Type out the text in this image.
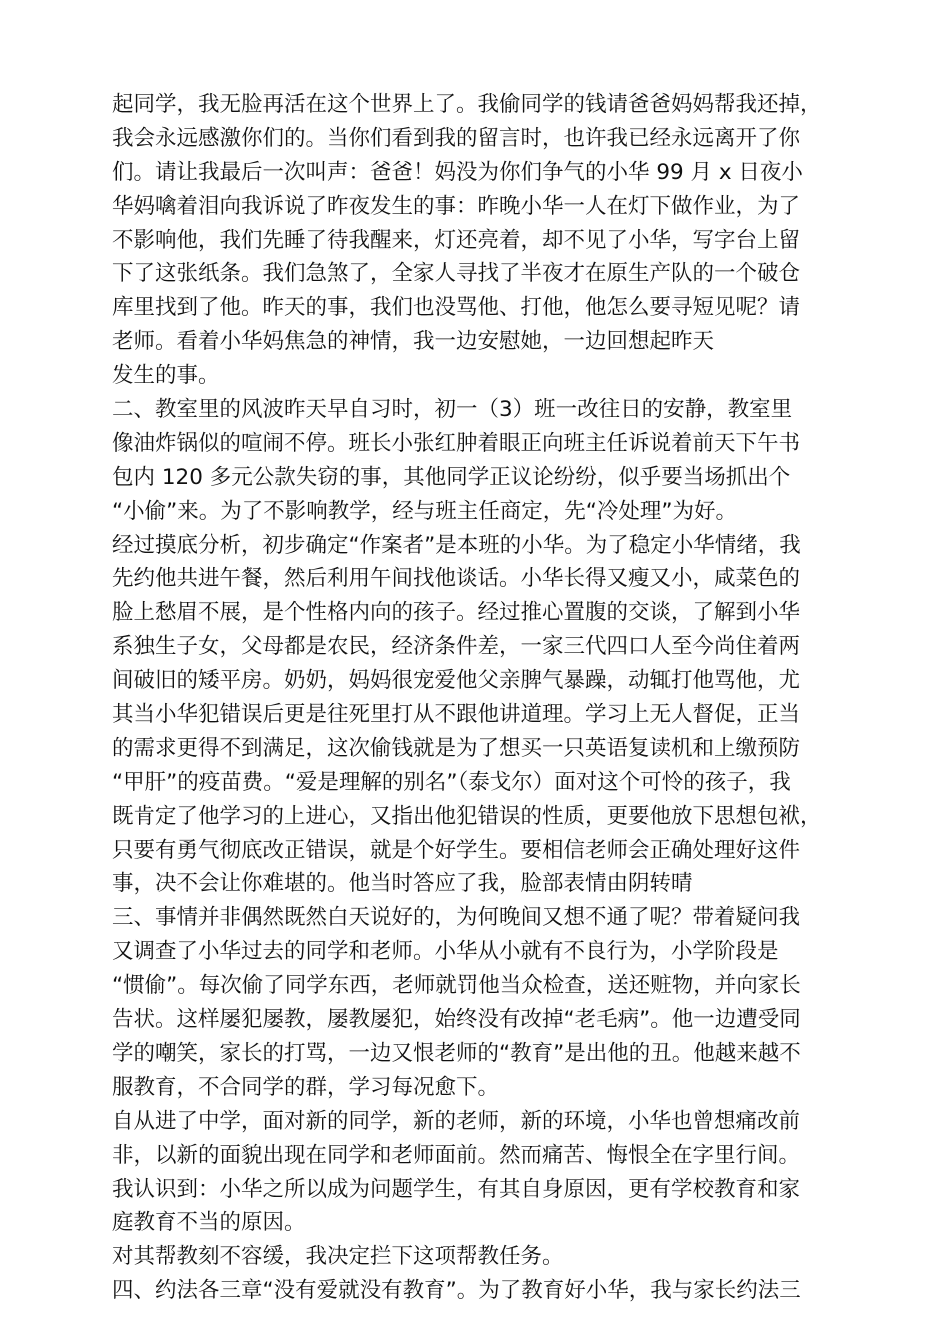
起同学，我无脸再活在这个世界上了。我偷同学的钱请爸爸妈妈帮我还掉，
我会永远感激你们的。当你们看到我的留言时，也许我已经永远离开了你
们。请让我最后一次叫声：爸爸！妈没为你们争气的小华 99 月 x 日夜小
华妈噙着泪向我诉说了昨夜发生的事：昨晚小华一人在灯下做作业，为了
不影响他，我们先睡了待我醒来，灯还亮着，却不见了小华，写字台上留
下了这张纸条。我们急煞了，全家人寻找了半夜才在原生产队的一个破仓
库里找到了他。昨天的事，我们也没骂他、打他，他怎么要寻短见呢？请
老师。看着小华妈焦急的神情，我一边安慰她，一边回想起昨天
发生的事。
二、教室里的风波昨天早自习时，初一（3）班一改往日的安静，教室里
像油炸锅似的喧闹不停。班长小张红肿着眼正向班主任诉说着前天下午书
包内 120 多元公款失窃的事，其他同学正议论纷纷，似乎要当场抓出个
“小偷”来。为了不影响教学，经与班主任商定，先“冷处理”为好。
经过摸底分析，初步确定“作案者”是本班的小华。为了稳定小华情绪，我
先约他共进午餐，然后利用午间找他谈话。小华长得又瘦又小，咸菜色的
脸上愁眉不展，是个性格内向的孩子。经过推心置腹的交谈，了解到小华
系独生子女，父母都是农民，经济条件差，一家三代四口人至今尚住着两
间破旧的矮平房。奶奶，妈妈很宠爱他父亲脾气暴躁，动辄打他骂他，尤
其当小华犯错误后更是往死里打从不跟他讲道理。学习上无人督促，正当
的需求更得不到满足，这次偷钱就是为了想买一只英语复读机和上缴预防
“甲肝”的疫苗费。“爱是理解的别名”（泰戈尔）面对这个可怜的孩子，我
既肯定了他学习的上进心，又指出他犯错误的性质，更要他放下思想包袱，
只要有勇气彻底改正错误，就是个好学生。要相信老师会正确处理好这件
事，决不会让你难堪的。他当时答应了我，脸部表情由阴转晴
三、事情并非偶然既然白天说好的，为何晚间又想不通了呢？带着疑问我
又调查了小华过去的同学和老师。小华从小就有不良行为，小学阶段是
“惯偷”。每次偷了同学东西，老师就罚他当众检查，送还赃物，并向家长
告状。这样屡犯屡教，屡教屡犯，始终没有改掉“老毛病”。他一边遭受同
学的嘲笑，家长的打骂，一边又恨老师的“教育”是出他的丑。他越来越不
服教育，不合同学的群，学习每况愈下。
自从进了中学，面对新的同学，新的老师，新的环境，小华也曾想痛改前
非，以新的面貌出现在同学和老师面前。然而痛苦、悔恨全在字里行间。
我认识到：小华之所以成为问题学生，有其自身原因，更有学校教育和家
庭教育不当的原因。
对其帮教刻不容缓，我决定拦下这项帮教任务。
四、约法各三章“没有爱就没有教育”。为了教育好小华，我与家长约法三
